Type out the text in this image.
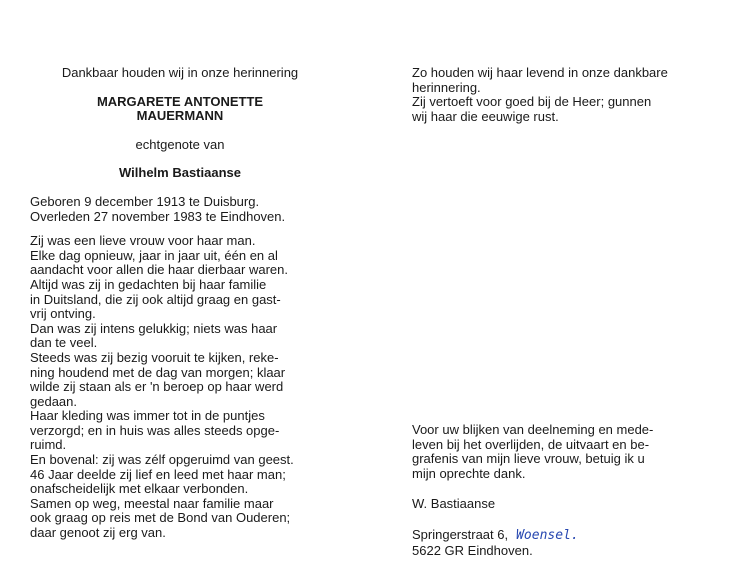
Dankbaar houden wij in onze herinnering
MARGARETE ANTONETTE
MAUERMANN
echtgenote van
Wilhelm Bastiaanse
Geboren 9 december 1913 te Duisburg.
Overleden 27 november 1983 te Eindhoven.
Zij was een lieve vrouw voor haar man.
Elke dag opnieuw, jaar in jaar uit, één en al
aandacht voor allen die haar dierbaar waren.
Altijd was zij in gedachten bij haar familie
in Duitsland, die zij ook altijd graag en gast-
vrij ontving.
Dan was zij intens gelukkig; niets was haar
dan te veel.
Steeds was zij bezig vooruit te kijken, reke-
ning houdend met de dag van morgen; klaar
wilde zij staan als er 'n beroep op haar werd
gedaan.
Haar kleding was immer tot in de puntjes
verzorgd; en in huis was alles steeds opge-
ruimd.
En bovenal: zij was zélf opgeruimd van geest.
46 Jaar deelde zij lief en leed met haar man;
onafscheidelijk met elkaar verbonden.
Samen op weg, meestal naar familie maar
ook graag op reis met de Bond van Ouderen;
daar genoot zij erg van.
Zo houden wij haar levend in onze dankbare
herinnering.
Zij vertoeft voor goed bij de Heer; gunnen
wij haar die eeuwige rust.
Voor uw blijken van deelneming en mede-
leven bij het overlijden, de uitvaart en be-
grafenis van mijn lieve vrouw, betuig ik u
mijn oprechte dank.
W. Bastiaanse
Springerstraat 6, Woensel.
5622 GR Eindhoven.
